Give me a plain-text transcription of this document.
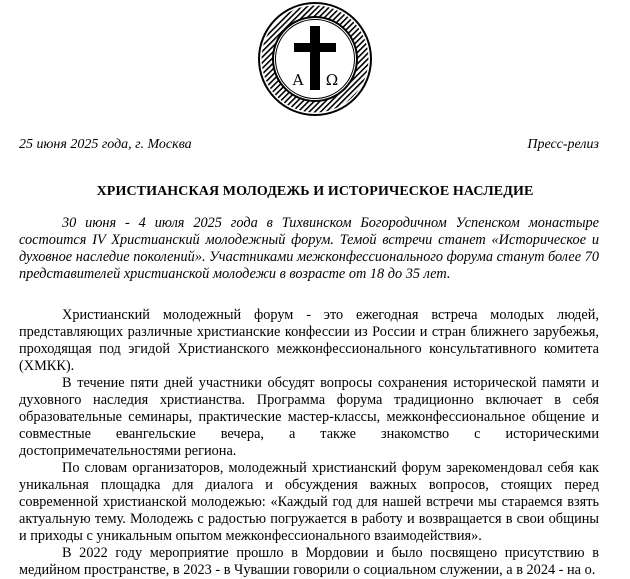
Α Ω
25 июня 2025 года, г. Москва	Пресс-релиз
ХРИСТИАНСКАЯ МОЛОДЕЖЬ И ИСТОРИЧЕСКОЕ НАСЛЕДИЕ

30 июня - 4 июля 2025 года в Тихвинском Богородичном Успенском монастыре состоится IV Христианский молодежный форум. Темой встречи станет «Историческое и духовное наследие поколений». Участниками межконфессионального форума станут более 70 представителей христианской молодежи в возрасте от 18 до 35 лет.

Христианский молодежный форум - это ежегодная встреча молодых людей, представляющих различные христианские конфессии из России и стран ближнего зарубежья, проходящая под эгидой Христианского межконфессионального консультативного комитета (ХМКК).

В течение пяти дней участники обсудят вопросы сохранения исторической памяти и духовного наследия христианства. Программа форума традиционно включает в себя образовательные семинары, практические мастер-классы, межконфессиональное общение и совместные евангельские вечера, а также знакомство с историческими достопримечательностями региона.

По словам организаторов, молодежный христианский форум зарекомендовал себя как уникальная площадка для диалога и обсуждения важных вопросов, стоящих перед современной христианской молодежью: «Каждый год для нашей встречи мы стараемся взять актуальную тему. Молодежь с радостью погружается в работу и возвращается в свои общины и приходы с уникальным опытом межконфессионального взаимодействия».

В 2022 году мероприятие прошло в Мордовии и было посвящено присутствию в медийном пространстве, в 2023 - в Чувашии говорили о социальном служении, а в 2024 - на о.
